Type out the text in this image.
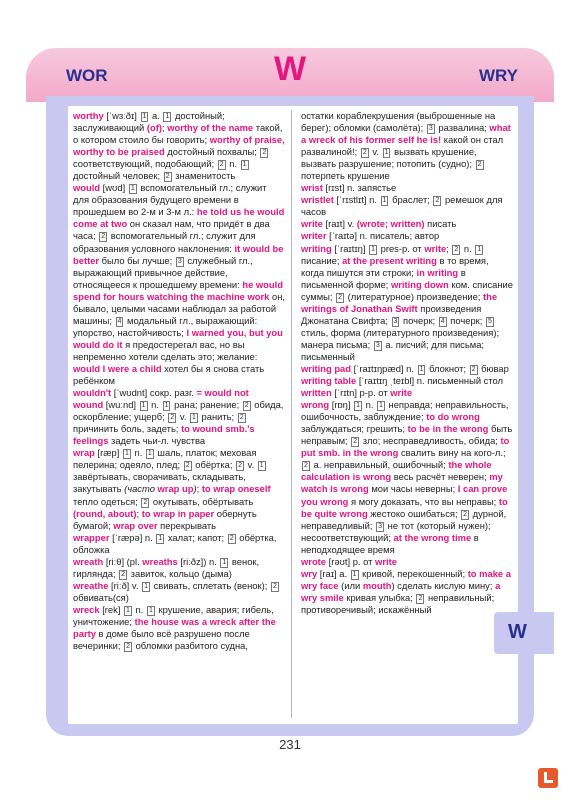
WOR	W	WRY
worthy [ˈwɜːðɪ] 1 a. 1 достойный; заслуживающий (of); worthy of the name такой, о котором стоило бы говорить; worthy of praise, worthy to be praised достойный похвалы; 2 соответствующий, подобающий; 2 n. 1 достойный человек; 2 знаменитость
would [wʊd] 1 вспомогательный гл.; служит для образования будущего времени в прошедшем во 2-м и 3-м л.: he told us he would come at two он сказал нам, что придёт в два часа; 2 вспомогательный гл.; служит для образования условного наклонения: it would be better было бы лучше; 3 служебный гл., выражающий привычное действие, относящееся к прошедшему времени: he would spend for hours watching the machine work он, бывало, целыми часами наблюдал за работой машины; 4 модальный гл., выражающий: упорство, настойчивость; I warned you, but you would do it я предостерегал вас, но вы непременно хотели сделать это; желание: would I were a child хотел бы я снова стать ребёнком
wouldn't [ˈwʊdnt] сокр. разг. = would not
wound [wuːnd] 1 n. 1 рана; ранение; 2 обида, оскорбление; ущерб; 2 v. 1 ранить; 2 причинить боль, задеть; to wound smb.'s feelings задеть чьи-л. чувства
wrap [ræp] 1 n. 1 шаль, платок; меховая пелерина; одеяло, плед; 2 обёртка; 2 v. 1 завёртывать, сворачивать, складывать, закутывать (часто wrap up); to wrap oneself тепло одеться; 2 окутывать, обёртывать (round, about); to wrap in paper обернуть бумагой; wrap over перекрывать
wrapper [ˈræpə] n. 1 халат; капот; 2 обёртка, обложка
wreath [riːθ] (pl. wreaths [riːðz]) n. 1 венок, гирлянда; 2 завиток, кольцо (дыма)
wreathe [riːð] v. 1 свивать, сплетать (венок); 2 обвивать(ся)
wreck [rek] 1 n. 1 крушение, авария; гибель, уничтожение; the house was a wreck after the party в доме было всё разрушено после вечеринки; 2 обломки разбитого судна,
остатки кораблекрушения (выброшенные на берег); обломки (самолёта); 3 развалина; what a wreck of his former self he is! какой он стал развалиной!; 2 v. 1 вызвать крушение, вызвать разрушение; потопить (судно); 2 потерпеть крушение
wrist [rɪst] n. запястье
wristlet [ˈrɪstlɪt] n. 1 браслет; 2 ремешок для часов
write [raɪt] v. (wrote; written) писать
writer [ˈraɪtə] n. писатель; автор
writing [ˈraɪtɪŋ] 1 pres-p. от write; 2 n. 1 писание; at the present writing в то время, когда пишутся эти строки; in writing в письменной форме; writing down ком. списание суммы; 2 (литературное) произведение; the writings of Jonathan Swift произведения Джонатана Свифта; 3 почерк; 4 почерк; 5 стиль, форма (литературного произведения); манера письма; 3 a. писчий; для письма; письменный
writing pad [ˈraɪtɪŋpæd] n. 1 блокнот; 2 бювар
writing table [ˈraɪtɪŋ ˌteɪbl] n. письменный стол
written [ˈrɪtn] p-p. от write
wrong [rɒŋ] 1 n. 1 неправда; неправильность, ошибочность, заблуждение; to do wrong заблуждаться; грешить; to be in the wrong быть неправым; 2 зло; несправедливость, обида; to put smb. in the wrong свалить вину на кого-л.; 2 a. неправильный, ошибочный; the whole calculation is wrong весь расчёт неверен; my watch is wrong мои часы неверны; I can prove you wrong я могу доказать, что вы неправы; to be quite wrong жестоко ошибаться; 2 дурной, неправедливый; 3 не тот (который нужен); несоответствующий; at the wrong time в неподходящее время
wrote [rəʊt] p. от write
wry [raɪ] a. 1 кривой, перекошенный; to make a wry face (или mouth) сделать кислую мину; a wry smile кривая улыбка; 2 неправильный; противоречивый; искажённый
W
231
